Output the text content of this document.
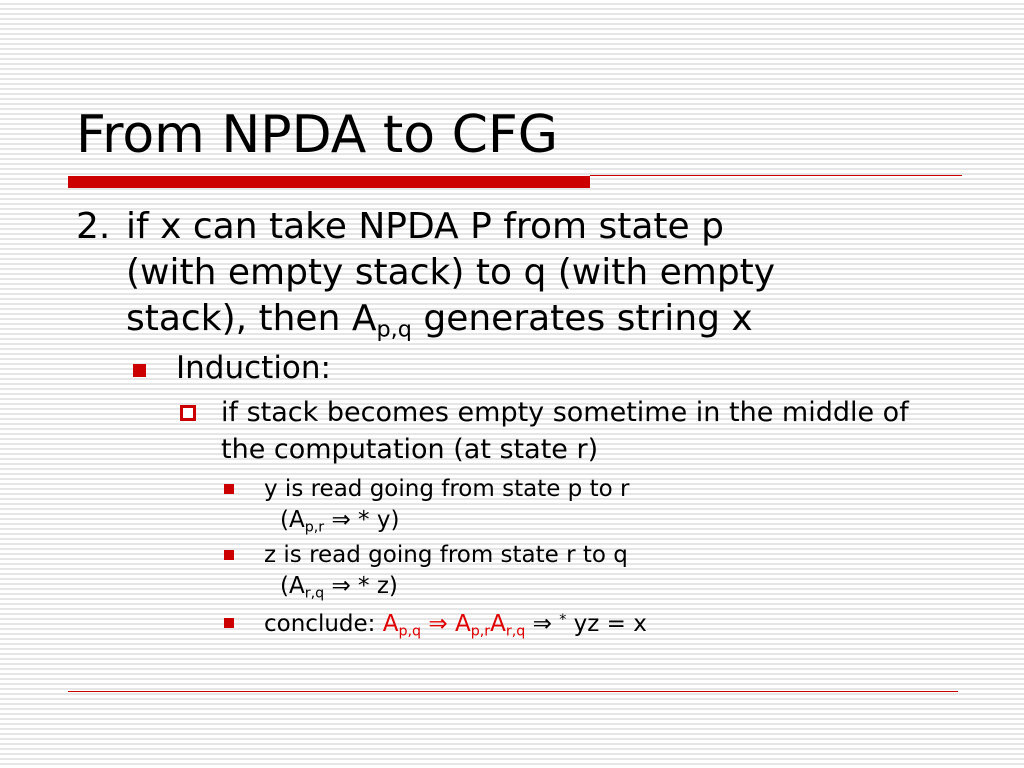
From NPDA to CFG
2. if x can take NPDA P from state p
(with empty stack) to q (with empty
stack), then $A_{p,q}$ generates string x
Induction:
if stack becomes empty sometime in the middle of the computation (at state r)
y is read going from state p to r
($A_{p,r}$ ⇒ * y)
z is read going from state r to q
($A_{r,q}$ ⇒ * z)
conclude: $A_{p,q}$ ⇒ $A_{p,r}A_{r,q}$ ⇒ * yz = x
